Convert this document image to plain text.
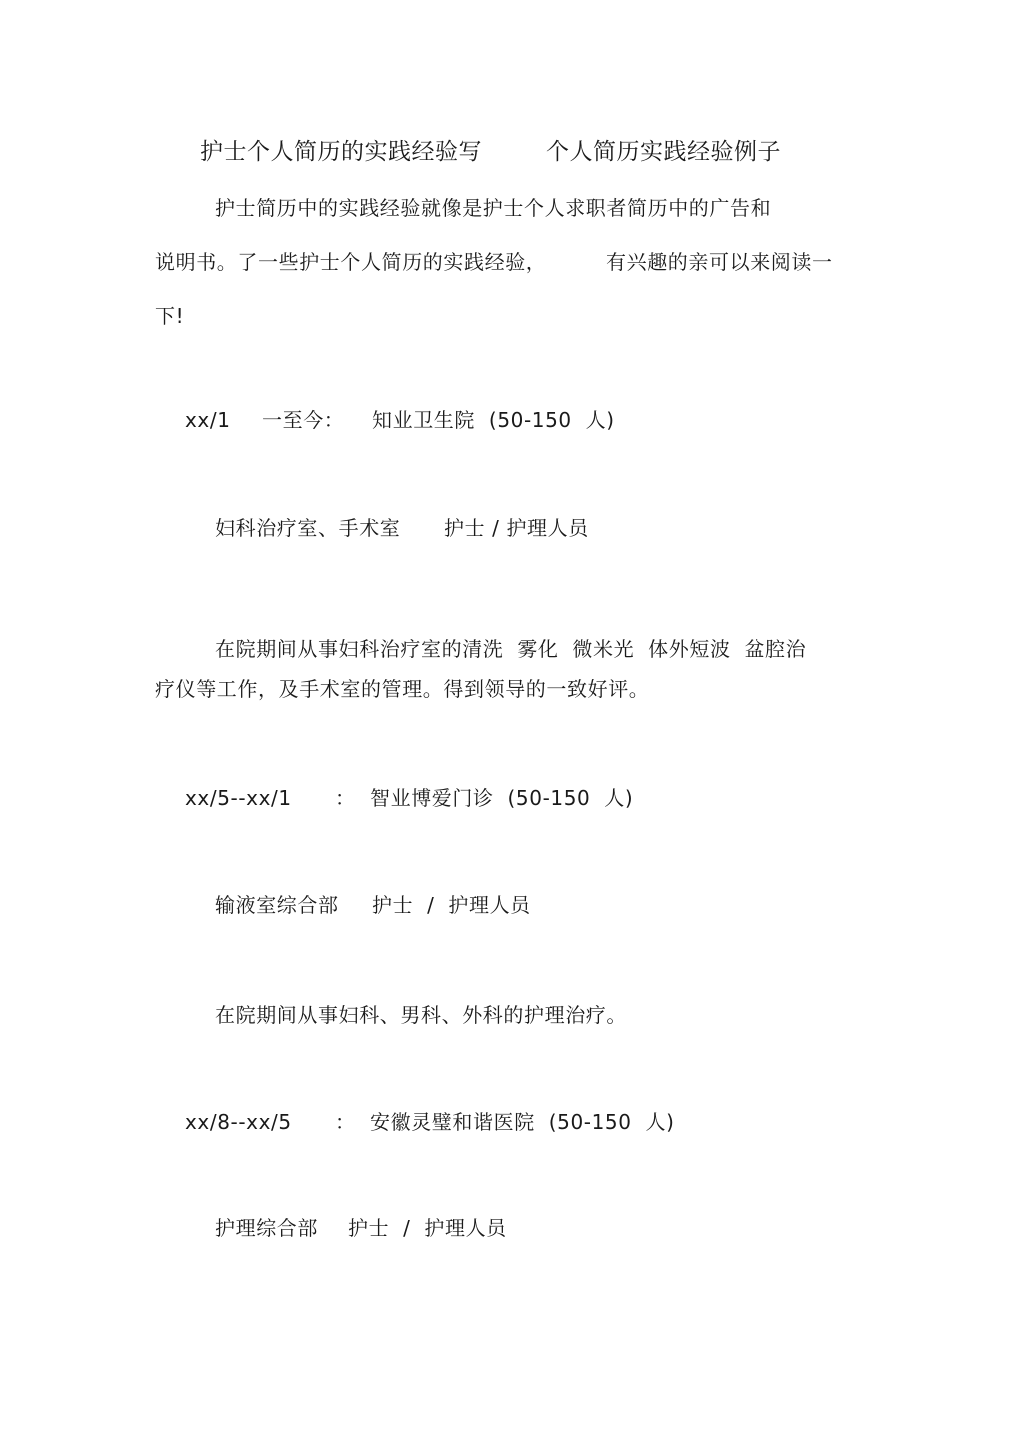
护士个人简历的实践经验写	个人简历实践经验例子
护士简历中的实践经验就像是护士个人求职者简历中的广告和
说明书。了一些护士个人简历的实践经验，	有兴趣的亲可以来阅读一
下!
xx/1 一至今： 知业卫生院  (50-150  人)
妇科治疗室、手术室 护士 / 护理人员
在院期间从事妇科治疗室的清洗  雾化  微米光  体外短波  盆腔治
疗仪等工作，及手术室的管理。得到领导的一致好评。
xx/5--xx/1 ： 智业博爱门诊  (50-150  人)
输液室综合部 护士  /  护理人员
在院期间从事妇科、男科、外科的护理治疗。
xx/8--xx/5 ： 安徽灵璧和谐医院  (50-150  人)
护理综合部 护士  /  护理人员
